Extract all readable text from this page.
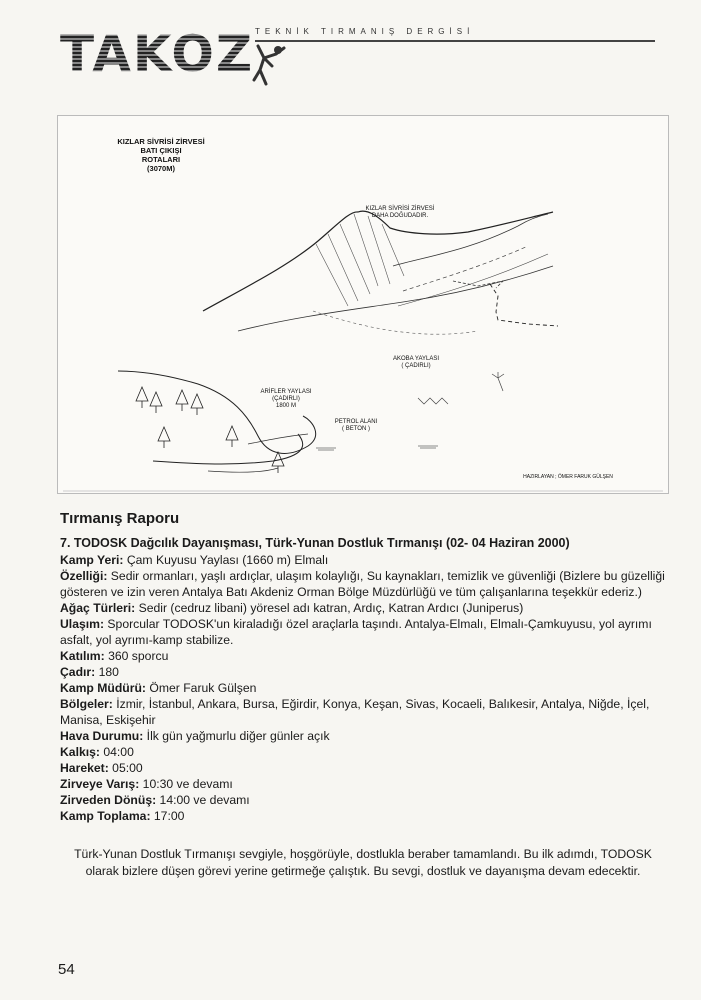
TAKOZ TEKNİK TIRMANIŞ DERGİSİ
KIZLAR SİVRİSİ ZİRVESİ
BATI ÇIKIŞI
ROTALARI
(3070M)
KIZLAR SİVRİSİ ZİRVESİ
DAHA DOĞUDADIR.
AKOBA YAYLASI
( ÇADIRLI)
ARİFLER YAYLASI
(ÇADIRLI)
1800 M
PETROL ALANI
( BETON )
HAZIRLAYAN ; ÖMER FARUK GÜLŞEN
Tırmanış Raporu
7. TODOSK Dağcılık Dayanışması, Türk-Yunan Dostluk Tırmanışı (02- 04 Haziran 2000)

Kamp Yeri: Çam Kuyusu Yaylası (1660 m) Elmalı

Özelliği: Sedir ormanları, yaşlı ardıçlar, ulaşım kolaylığı, Su kaynakları, temizlik ve güvenliği (Bizlere bu güzelliği gösteren ve izin veren Antalya Batı Akdeniz Orman Bölge Müzdürlüğü ve tüm çalışanlarına teşekkür ederiz.)

Ağaç Türleri: Sedir (cedruz libani) yöresel adı katran, Ardıç, Katran Ardıcı (Juniperus)

Ulaşım: Sporcular TODOSK'un kiraladığı özel araçlarla taşındı. Antalya-Elmalı, Elmalı-Çamkuyusu, yol ayrımı asfalt, yol ayrımı-kamp stabilize.

Katılım: 360 sporcu

Çadır: 180

Kamp Müdürü: Ömer Faruk Gülşen

Bölgeler: İzmir, İstanbul, Ankara, Bursa, Eğirdir, Konya, Keşan, Sivas, Kocaeli, Balıkesir, Antalya, Niğde, İçel, Manisa, Eskişehir

Hava Durumu: İlk gün yağmurlu diğer günler açık

Kalkış: 04:00

Hareket: 05:00

Zirveye Varış: 10:30 ve devamı

Zirveden Dönüş: 14:00 ve devamı

Kamp Toplama: 17:00

Türk-Yunan Dostluk Tırmanışı sevgiyle, hoşgörüyle, dostlukla beraber tamamlandı. Bu ilk adımdı, TODOSK olarak bizlere düşen görevi yerine getirmeğe çalıştık. Bu sevgi, dostluk ve dayanışma devam edecektir.
54
